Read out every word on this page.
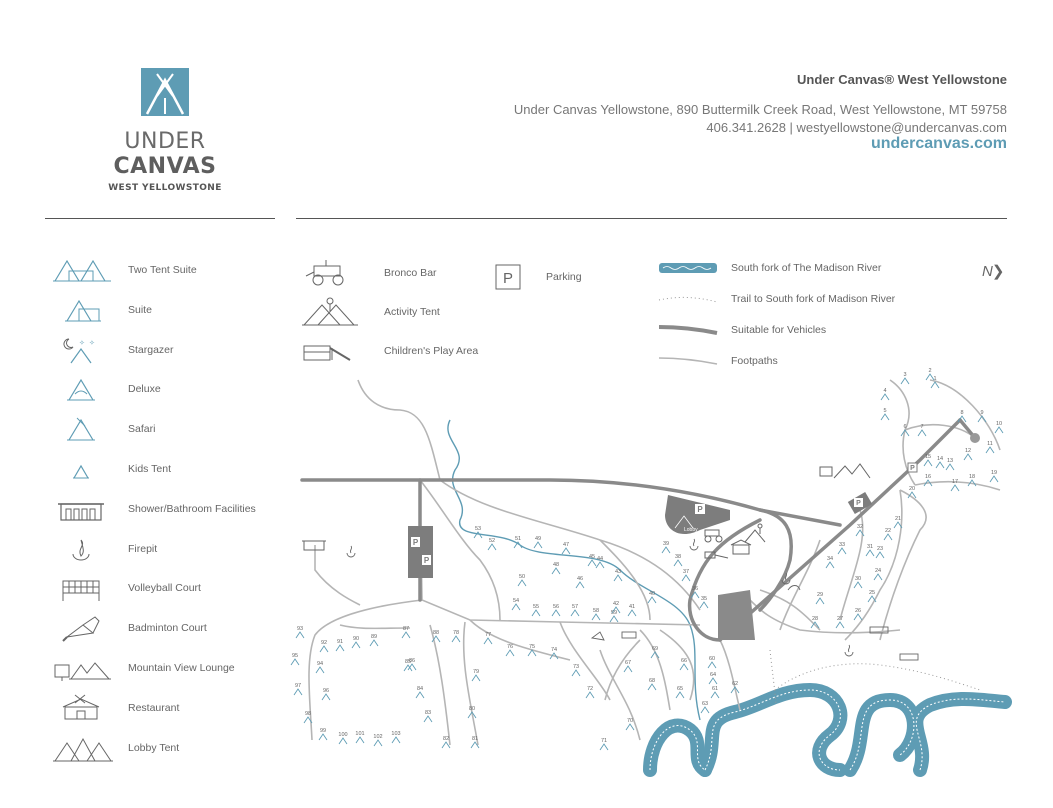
UNDER CANVAS
WEST YELLOWSTONE
Under Canvas® West Yellowstone
Under Canvas Yellowstone, 890 Buttermilk Creek Road, West Yellowstone, MT 59758
406.341.2628 | westyellowstone@undercanvas.com
undercanvas.com
Two Tent Suite
Suite
✧ ✧
Stargazer
Deluxe
Safari
Kids Tent
Shower/Bathroom Facilities
Firepit
Volleyball Court
Badminton Court
Mountain View Lounge
Restaurant
Lobby Tent
Bronco Bar
Activity Tent
Children's Play Area
P	Parking
South fork of The Madison River
Trail to South fork of Madison River
Suitable for Vehicles
Footpaths
N❯
P
P
P
Lobby
P
P
1
2
3
4
5
6	7
8	9
10
11
12
13
14
15
16
17
18
19
20
21
22
23
24
25
26
27
28
29
30
31
32
33
34
35
36
37
38
39
40
41
42
43
44
45
46
47
48
49
50
51
52
53
54
55	56 57
58 59
60
61
62
63
64
65
66
67
68
69
70
71
72
73
74
75
76
77
78
79
80
81
82
83
84
85
86
87
88
89
90
91
92
93
94
95
96
97
98
99
100 101 102 103
